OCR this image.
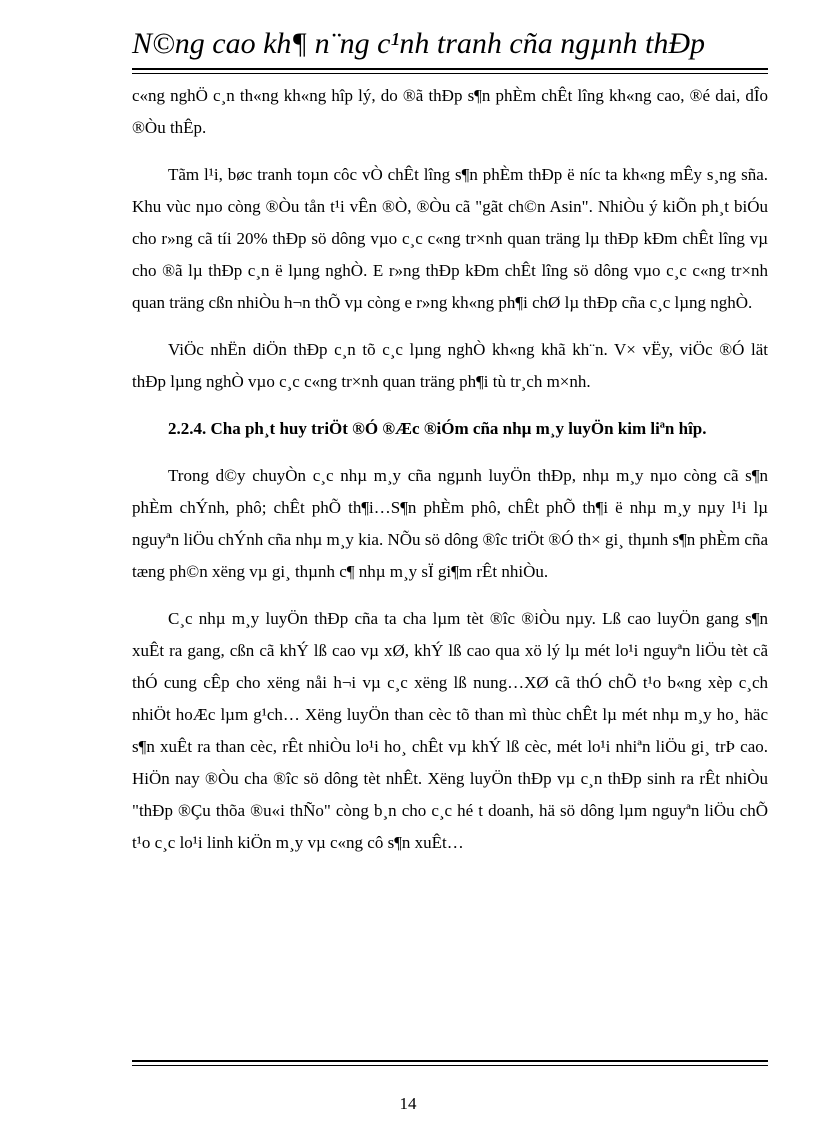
N©ng cao kh¶ n¨ng c¹nh tranh cña ngµnh thÐp

c«ng nghÖ c¸n th«ng kh«ng hîp lý, do ®ã thÐp s¶n phÈm chÊt lîng kh«ng cao, ®é dai, dÎo ®Òu thÊp.

Tãm l¹i, bøc tranh toµn côc vÒ chÊt lîng s¶n phÈm thÐp ë níc ta kh«ng mÊy s¸ng sña. Khu vùc nµo còng ®Òu tån t¹i vÊn ®Ò, ®Òu cã "gãt ch©n Asin". NhiÒu ý kiÕn ph¸t biÓu cho r»ng cã tíi 20% thÐp sö dông vµo c¸c c«ng tr×nh quan träng lµ thÐp kÐm chÊt lîng vµ cho ®ã lµ thÐp c¸n ë lµng nghÒ. E r»ng thÐp kÐm chÊt lîng sö dông vµo c¸c c«ng tr×nh quan träng cßn nhiÒu h¬n thÕ vµ còng e r»ng kh«ng ph¶i chØ lµ thÐp cña c¸c lµng nghÒ.

ViÖc nhËn diÖn thÐp c¸n tõ c¸c lµng nghÒ kh«ng khã kh¨n. V× vËy, viÖc ®Ó lät thÐp lµng nghÒ vµo c¸c c«ng tr×nh quan träng ph¶i tù tr¸ch m×nh.

2.2.4. Cha ph¸t huy triÖt ®Ó ®Æc ®iÓm cña nhµ m¸y luyÖn kim liªn hîp.

Trong d©y chuyÒn c¸c nhµ m¸y cña ngµnh luyÖn thÐp, nhµ m¸y nµo còng cã s¶n phÈm chÝnh, phô; chÊt phÕ th¶i…S¶n phÈm phô, chÊt phÕ th¶i ë nhµ m¸y nµy l¹i lµ nguyªn liÖu chÝnh cña nhµ m¸y kia. NÕu sö dông ®îc triÖt ®Ó th× gi¸ thµnh s¶n phÈm cña tæng ph©n xëng vµ gi¸ thµnh c¶ nhµ m¸y sÏ gi¶m rÊt nhiÒu.

C¸c nhµ m¸y luyÖn thÐp cña ta cha lµm tèt ®îc ®iÒu nµy. Lß cao luyÖn gang s¶n xuÊt ra gang, cßn cã khÝ lß cao vµ xØ, khÝ lß cao qua xö lý lµ mét lo¹i nguyªn liÖu tèt cã thÓ cung cÊp cho xëng nåi h¬i vµ c¸c xëng lß nung…XØ cã thÓ chÕ t¹o b«ng xèp c¸ch nhiÖt hoÆc lµm g¹ch… Xëng luyÖn than cèc tõ than mì thùc chÊt lµ mét nhµ m¸y ho¸ häc s¶n xuÊt ra than cèc, rÊt nhiÒu lo¹i ho¸ chÊt vµ khÝ lß cèc, mét lo¹i nhiªn liÖu gi¸ trÞ cao. HiÖn nay ®Òu cha ®îc sö dông tèt nhÊt. Xëng luyÖn thÐp vµ c¸n thÐp sinh ra rÊt nhiÒu "thÐp ®Çu thõa ®u«i thÑo" còng b¸n cho c¸c hé t doanh, hä sö dông lµm nguyªn liÖu chÕ t¹o c¸c lo¹i linh kiÖn m¸y vµ c«ng cô s¶n xuÊt…

14
